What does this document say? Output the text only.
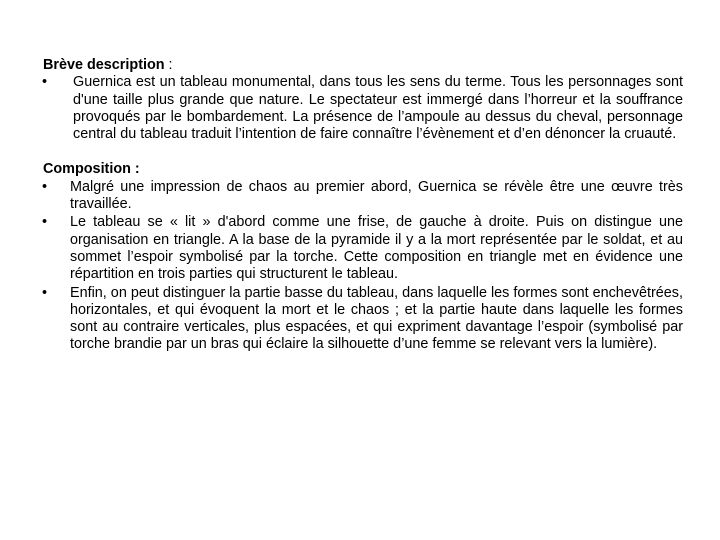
Brève description :

•	Guernica est un tableau monumental, dans tous les sens du terme. Tous les personnages sont d'une taille plus grande que nature. Le spectateur est immergé dans l’horreur et la souffrance provoqués par le bombardement. La présence de l’ampoule au dessus du cheval, personnage central du tableau traduit l’intention de faire connaître l’évènement et d’en dénoncer la cruauté.

Composition :

•	Malgré une impression de chaos au premier abord, Guernica se révèle être une œuvre très travaillée.
•	Le tableau se « lit » d'abord comme une frise, de gauche à droite. Puis on distingue une organisation en triangle. A la base de la pyramide il y a la mort représentée par le soldat, et au sommet l’espoir symbolisé par la torche. Cette composition en triangle met en évidence une répartition en trois parties qui structurent le tableau.
•	Enfin, on peut distinguer la partie basse du tableau, dans laquelle les formes sont enchevêtrées, horizontales, et qui évoquent la mort et le chaos ; et la partie haute dans laquelle les formes sont au contraire verticales, plus espacées, et qui expriment davantage l’espoir (symbolisé par torche brandie par un bras qui éclaire la silhouette d’une femme se relevant vers la lumière).
